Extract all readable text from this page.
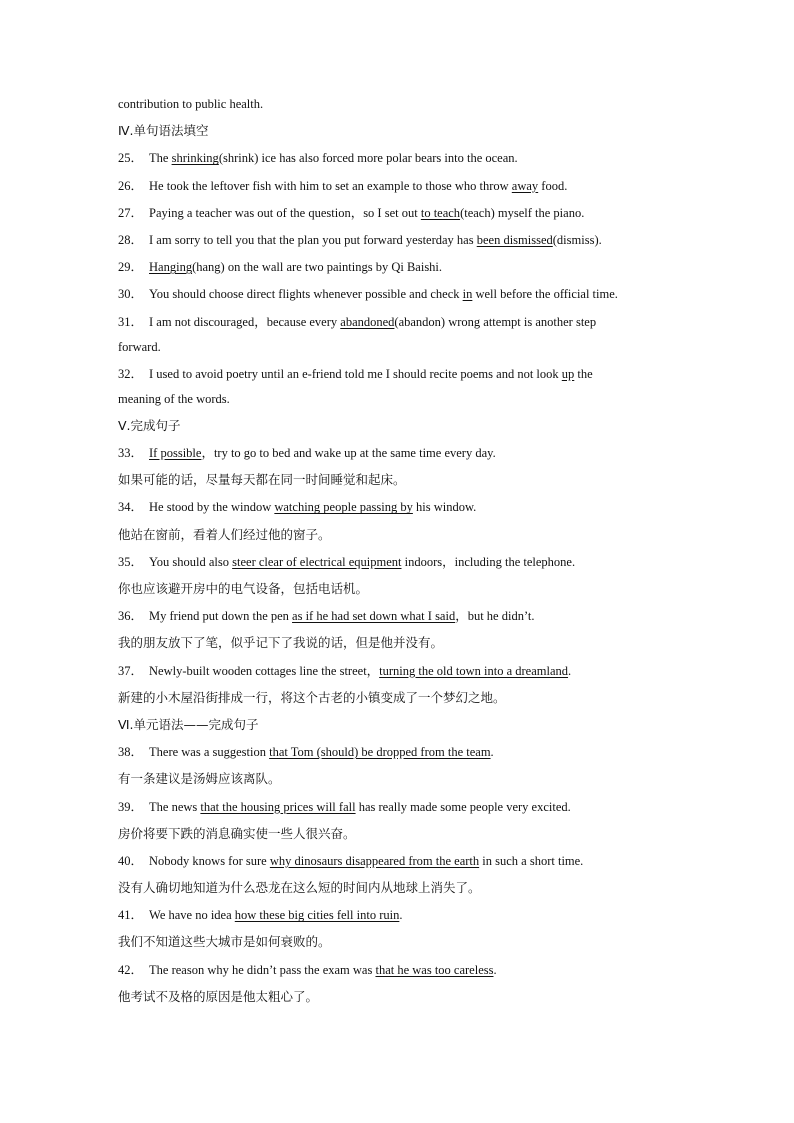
contribution to public health.
Ⅳ.单句语法填空
25． The shrinking(shrink) ice has also forced more polar bears into the ocean.
26． He took the leftover fish with him to set an example to those who throw away food.
27． Paying a teacher was out of the question，so I set out to teach(teach) myself the piano.
28． I am sorry to tell you that the plan you put forward yesterday has been dismissed(dismiss).
29． Hanging(hang) on the wall are two paintings by Qi Baishi.
30． You should choose direct flights whenever possible and check in well before the official time.
31． I am not discouraged，because every abandoned(abandon) wrong attempt is another step
forward.
32． I used to avoid poetry until an e-friend told me I should recite poems and not look up the
meaning of the words.
Ⅴ.完成句子
33． If possible，try to go to bed and wake up at the same time every day.
如果可能的话，尽量每天都在同一时间睡觉和起床。
34． He stood by the window watching people passing by his window.
他站在窗前，看着人们经过他的窗子。
35． You should also steer clear of electrical equipment indoors，including the telephone.
你也应该避开房中的电气设备，包括电话机。
36． My friend put down the pen as if he had set down what I said，but he didn’t.
我的朋友放下了笔，似乎记下了我说的话，但是他并没有。
37． Newly-built wooden cottages line the street，turning the old town into a dreamland.
新建的小木屋沿街排成一行，将这个古老的小镇变成了一个梦幻之地。
Ⅵ.单元语法——完成句子
38． There was a suggestion that Tom (should) be dropped from the team.
有一条建议是汤姆应该离队。
39． The news that the housing prices will fall has really made some people very excited.
房价将要下跌的消息确实使一些人很兴奋。
40． Nobody knows for sure why dinosaurs disappeared from the earth in such a short time.
没有人确切地知道为什么恐龙在这么短的时间内从地球上消失了。
41． We have no idea how these big cities fell into ruin.
我们不知道这些大城市是如何衰败的。
42． The reason why he didn’t pass the exam was that he was too careless.
他考试不及格的原因是他太粗心了。
